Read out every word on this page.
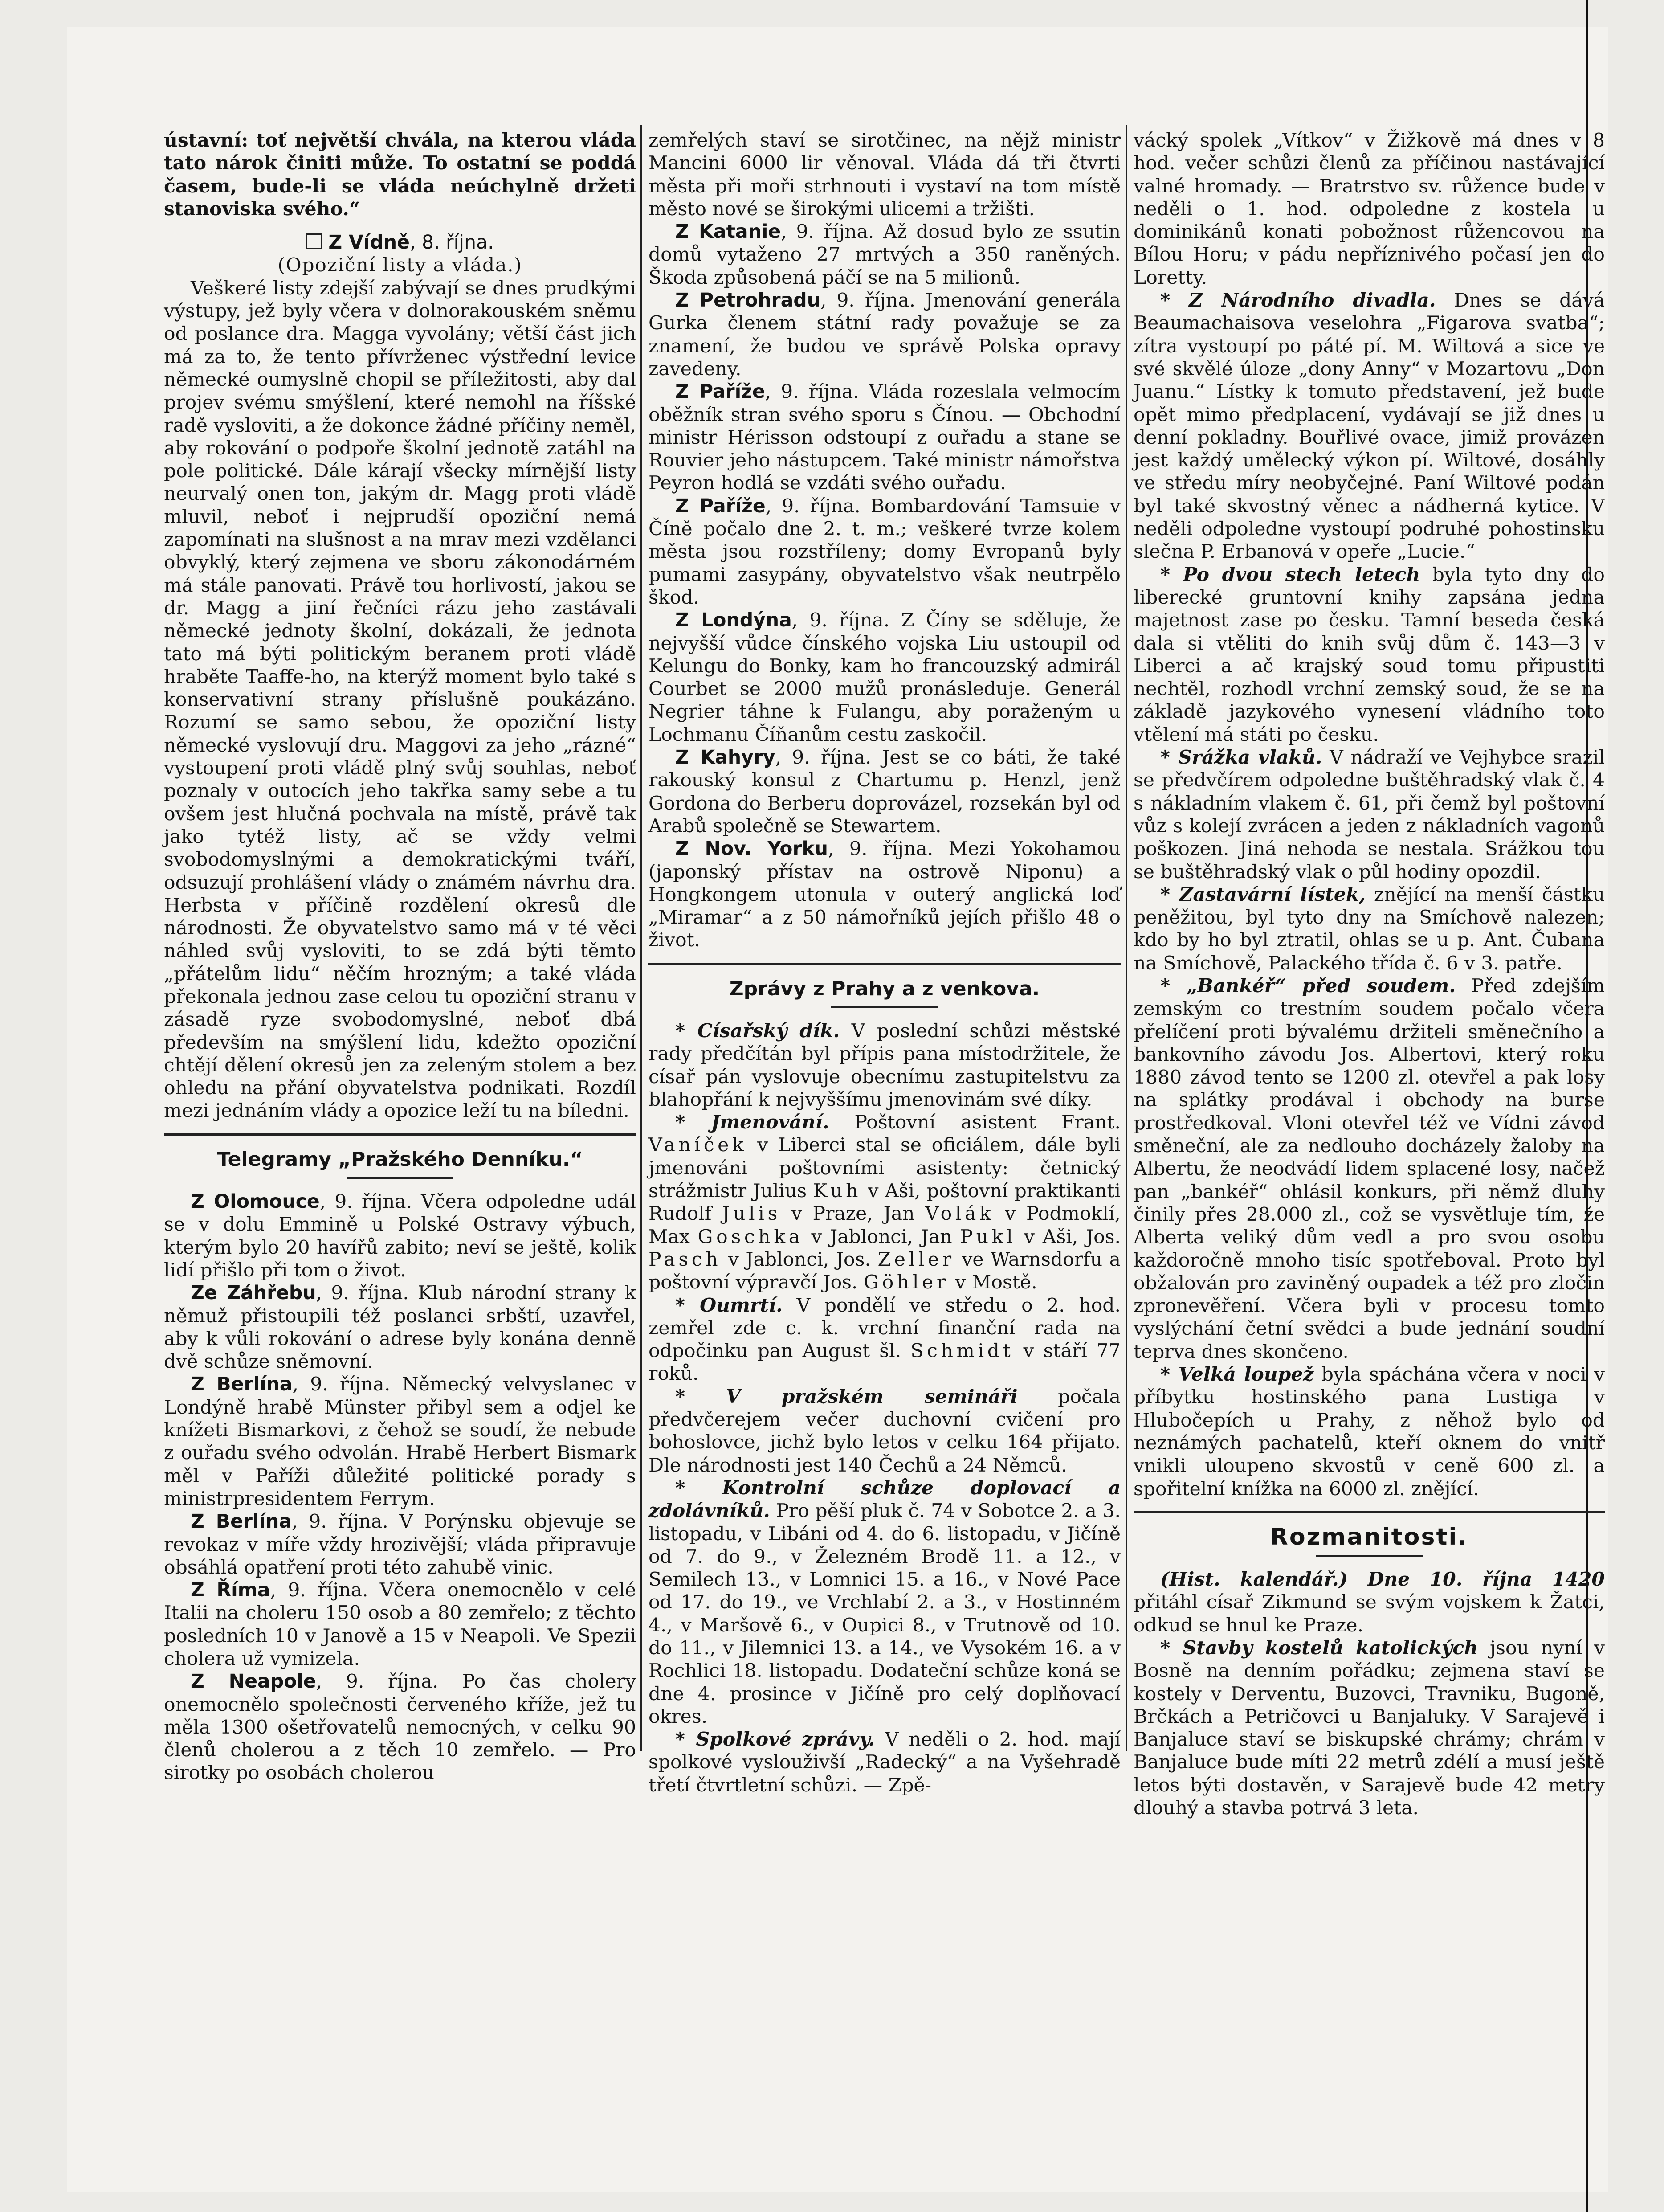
ústavní: toť největší chvála, na kterou vláda tato nárok činiti může. To ostatní se poddá časem, bude-li se vláda neúchylně držeti stanoviska svého.“

Z Vídně, 8. října.
(Opoziční listy a vláda.)

Veškeré listy zdejší zabývají se dnes prudkými výstupy, jež byly včera v dolnorakouském sněmu od poslance dra. Magga vyvolány; větší část jich má za to, že tento přívrženec výstřední levice německé oumyslně chopil se příležitosti, aby dal projev svému smýšlení, které nemohl na říšské radě vysloviti, a že dokonce žádné příčiny neměl, aby rokování o podpoře školní jednotě zatáhl na pole politické. Dále kárají všecky mírnější listy neurvalý onen ton, jakým dr. Magg proti vládě mluvil, neboť i nejprudší opoziční nemá zapomínati na slušnost a na mrav mezi vzdělanci obvyklý, který zejmena ve sboru zákonodárném má stále panovati. Právě tou horlivostí, jakou se dr. Magg a jiní řečníci rázu jeho zastávali německé jednoty školní, dokázali, že jednota tato má býti politickým beranem proti vládě hraběte Taaffe-ho, na kterýž moment bylo také s konservativní strany příslušně poukázáno. Rozumí se samo sebou, že opoziční listy německé vyslovují dru. Maggovi za jeho „rázné“ vystoupení proti vládě plný svůj souhlas, neboť poznaly v outocích jeho takřka samy sebe a tu ovšem jest hlučná pochvala na místě, právě tak jako tytéž listy, ač se vždy velmi svobodomyslnými a demokratickými tváří, odsuzují prohlášení vlády o známém návrhu dra. Herbsta v příčině rozdělení okresů dle národnosti. Že obyvatelstvo samo má v té věci náhled svůj vysloviti, to se zdá býti těmto „přátelům lidu“ něčím hrozným; a také vláda překonala jednou zase celou tu opoziční stranu v zásadě ryze svobodomyslné, neboť dbá především na smýšlení lidu, kdežto opoziční chtějí dělení okresů jen za zeleným stolem a bez ohledu na přání obyvatelstva podnikati. Rozdíl mezi jednáním vlády a opozice leží tu na bíledni.

Telegramy „Pražského Denníku.“

Z Olomouce, 9. října. Včera odpoledne udál se v dolu Emmině u Polské Ostravy výbuch, kterým bylo 20 havířů zabito; neví se ještě, kolik lidí přišlo při tom o život.

Ze Záhřebu, 9. října. Klub národní strany k němuž přistoupili též poslanci srbští, uzavřel, aby k vůli rokování o adrese byly konána denně dvě schůze sněmovní.

Z Berlína, 9. října. Německý velvyslanec v Londýně hrabě Münster přibyl sem a odjel ke knížeti Bismarkovi, z čehož se soudí, že nebude z ouřadu svého odvolán. Hrabě Herbert Bismark měl v Paříži důležité politické porady s ministrpresidentem Ferrym.

Z Berlína, 9. října. V Porýnsku objevuje se revokaz v míře vždy hrozivější; vláda připravuje obsáhlá opatření proti této zahubě vinic.

Z Říma, 9. října. Včera onemocnělo v celé Italii na choleru 150 osob a 80 zemřelo; z těchto posledních 10 v Janově a 15 v Neapoli. Ve Spezii cholera už vymizela.

Z Neapole, 9. října. Po čas cholery onemocnělo společnosti červeného kříže, jež tu měla 1300 ošetřovatelů nemocných, v celku 90 členů cholerou a z těch 10 zemřelo. — Pro sirotky po osobách cholerou

zemřelých staví se sirotčinec, na nějž ministr Mancini 6000 lir věnoval. Vláda dá tři čtvrti města při moři strhnouti i vystaví na tom místě město nové se širokými ulicemi a tržišti.

Z Katanie, 9. října. Až dosud bylo ze ssutin domů vytaženo 27 mrtvých a 350 raněných. Škoda způsobená páčí se na 5 milionů.

Z Petrohradu, 9. října. Jmenování generála Gurka členem státní rady považuje se za znamení, že budou ve správě Polska opravy zavedeny.

Z Paříže, 9. října. Vláda rozeslala velmocím oběžník stran svého sporu s Čínou. — Obchodní ministr Hérisson odstoupí z ouřadu a stane se Rouvier jeho nástupcem. Také ministr námořstva Peyron hodlá se vzdáti svého ouřadu.

Z Paříže, 9. října. Bombardování Tamsuie v Číně počalo dne 2. t. m.; veškeré tvrze kolem města jsou rozstříleny; domy Evropanů byly pumami zasypány, obyvatelstvo však neutrpělo škod.

Z Londýna, 9. října. Z Číny se sděluje, že nejvyšší vůdce čínského vojska Liu ustoupil od Kelungu do Bonky, kam ho francouzský admirál Courbet se 2000 mužů pronásleduje. Generál Negrier táhne k Fulangu, aby poraženým u Lochmanu Číňanům cestu zaskočil.

Z Kahyry, 9. října. Jest se co báti, že také rakouský konsul z Chartumu p. Henzl, jenž Gordona do Berberu doprovázel, rozsekán byl od Arabů společně se Stewartem.

Z Nov. Yorku, 9. října. Mezi Yokohamou (japonský přístav na ostrově Niponu) a Hongkongem utonula v outerý anglická loď „Miramar“ a z 50 námořníků jejích přišlo 48 o život.

Zprávy z Prahy a z venkova.

* Císařský dík. V poslední schůzi městské rady předčítán byl přípis pana místodržitele, že císař pán vyslovuje obecnímu zastupitelstvu za blahopřání k nejvyššímu jmenovinám své díky.

* Jmenování. Poštovní asistent Frant. Vaníček v Liberci stal se oficiálem, dále byli jmenováni poštovními asistenty: četnický strážmistr Julius Kuh v Aši, poštovní praktikanti Rudolf Julis v Praze, Jan Volák v Podmoklí, Max Goschka v Jablonci, Jan Pukl v Aši, Jos. Pasch v Jablonci, Jos. Zeller ve Warnsdorfu a poštovní výpravčí Jos. Göhler v Mostě.

* Oumrtí. V pondělí ve středu o 2. hod. zemřel zde c. k. vrchní finanční rada na odpočinku pan August šl. Schmidt v stáří 77 roků.

* V pražském semináři počala předvčerejem večer duchovní cvičení pro bohoslovce, jichž bylo letos v celku 164 přijato. Dle národnosti jest 140 Čechů a 24 Němců.

* Kontrolní schůze doplovací a zdolávníků. Pro pěší pluk č. 74 v Sobotce 2. a 3. listopadu, v Libáni od 4. do 6. listopadu, v Jičíně od 7. do 9., v Železném Brodě 11. a 12., v Semilech 13., v Lomnici 15. a 16., v Nové Pace od 17. do 19., ve Vrchlabí 2. a 3., v Hostinném 4., v Maršově 6., v Oupici 8., v Trutnově od 10. do 11., v Jilemnici 13. a 14., ve Vysokém 16. a v Rochlici 18. listopadu. Dodateční schůze koná se dne 4. prosince v Jičíně pro celý doplňovací okres.

* Spolkové zprávy. V neděli o 2. hod. mají spolkové vyslouživší „Radecký“ a na Vyšehradě třetí čtvrtletní schůzi. — Zpě-

vácký spolek „Vítkov“ v Žižkově má dnes v 8 hod. večer schůzi členů za příčinou nastávající valné hromady. — Bratrstvo sv. růžence bude v neděli o 1. hod. odpoledne z kostela u dominikánů konati pobožnost růžencovou na Bílou Horu; v pádu nepříznivého počasí jen do Loretty.

* Z Národního divadla. Dnes se dává Beaumachaisova veselohra „Figarova svatba“; zítra vystoupí po páté pí. M. Wiltová a sice ve své skvělé úloze „dony Anny“ v Mozartovu „Don Juanu.“ Lístky k tomuto představení, jež bude opět mimo předplacení, vydávají se již dnes u denní pokladny. Bouřlivé ovace, jimiž provázen jest každý umělecký výkon pí. Wiltové, dosáhly ve středu míry neobyčejné. Paní Wiltové podán byl také skvostný věnec a nádherná kytice. V neděli odpoledne vystoupí podruhé pohostinsku slečna P. Erbanová v opeře „Lucie.“

* Po dvou stech letech byla tyto dny do liberecké gruntovní knihy zapsána jedna majetnost zase po česku. Tamní beseda česká dala si vtěliti do knih svůj dům č. 143—3 v Liberci a ač krajský soud tomu připustiti nechtěl, rozhodl vrchní zemský soud, že se na základě jazykového vynesení vládního toto vtělení má státi po česku.

* Srážka vlaků. V nádraží ve Vejhybce srazil se předvčírem odpoledne buštěhradský vlak č. 4 s nákladním vlakem č. 61, při čemž byl poštovní vůz s kolejí zvrácen a jeden z nákladních vagonů poškozen. Jiná nehoda se nestala. Srážkou tou se buštěhradský vlak o půl hodiny opozdil.

* Zastavární lístek, znějící na menší částku peněžitou, byl tyto dny na Smíchově nalezen; kdo by ho byl ztratil, ohlas se u p. Ant. Čubana na Smíchově, Palackého třída č. 6 v 3. patře.

* „Bankéř“ před soudem. Před zdejším zemským co trestním soudem počalo včera přelíčení proti bývalému držiteli směnečního a bankovního závodu Jos. Albertovi, který roku 1880 závod tento se 1200 zl. otevřel a pak losy na splátky prodával i obchody na burse prostředkoval. Vloni otevřel též ve Vídni závod směneční, ale za nedlouho docházely žaloby na Albertu, že neodvádí lidem splacené losy, načež pan „bankéř“ ohlásil konkurs, při němž dluhy činily přes 28.000 zl., což se vysvětluje tím, že Alberta veliký dům vedl a pro svou osobu každoročně mnoho tisíc spotřeboval. Proto byl obžalován pro zaviněný oupadek a též pro zločin zpronevěření. Včera byli v procesu tomto vyslýchání četní svědci a bude jednání soudní teprva dnes skončeno.

* Velká loupež byla spáchána včera v noci v příbytku hostinského pana Lustiga v Hlubočepích u Prahy, z něhož bylo od neznámých pachatelů, kteří oknem do vnitř vnikli uloupeno skvostů v ceně 600 zl. a spořitelní knížka na 6000 zl. znějící.

Rozmanitosti.

(Hist. kalendář.) Dne 10. října 1420 přitáhl císař Zikmund se svým vojskem k Žatci, odkud se hnul ke Praze.

* Stavby kostelů katolických jsou nyní v Bosně na denním pořádku; zejmena staví se kostely v Derventu, Buzovci, Travniku, Bugoně, Brčkách a Petričovci u Banjaluky. V Sarajevě i Banjaluce staví se biskupské chrámy; chrám v Banjaluce bude míti 22 metrů zdélí a musí ještě letos býti dostavěn, v Sarajevě bude 42 metry dlouhý a stavba potrvá 3 leta.
